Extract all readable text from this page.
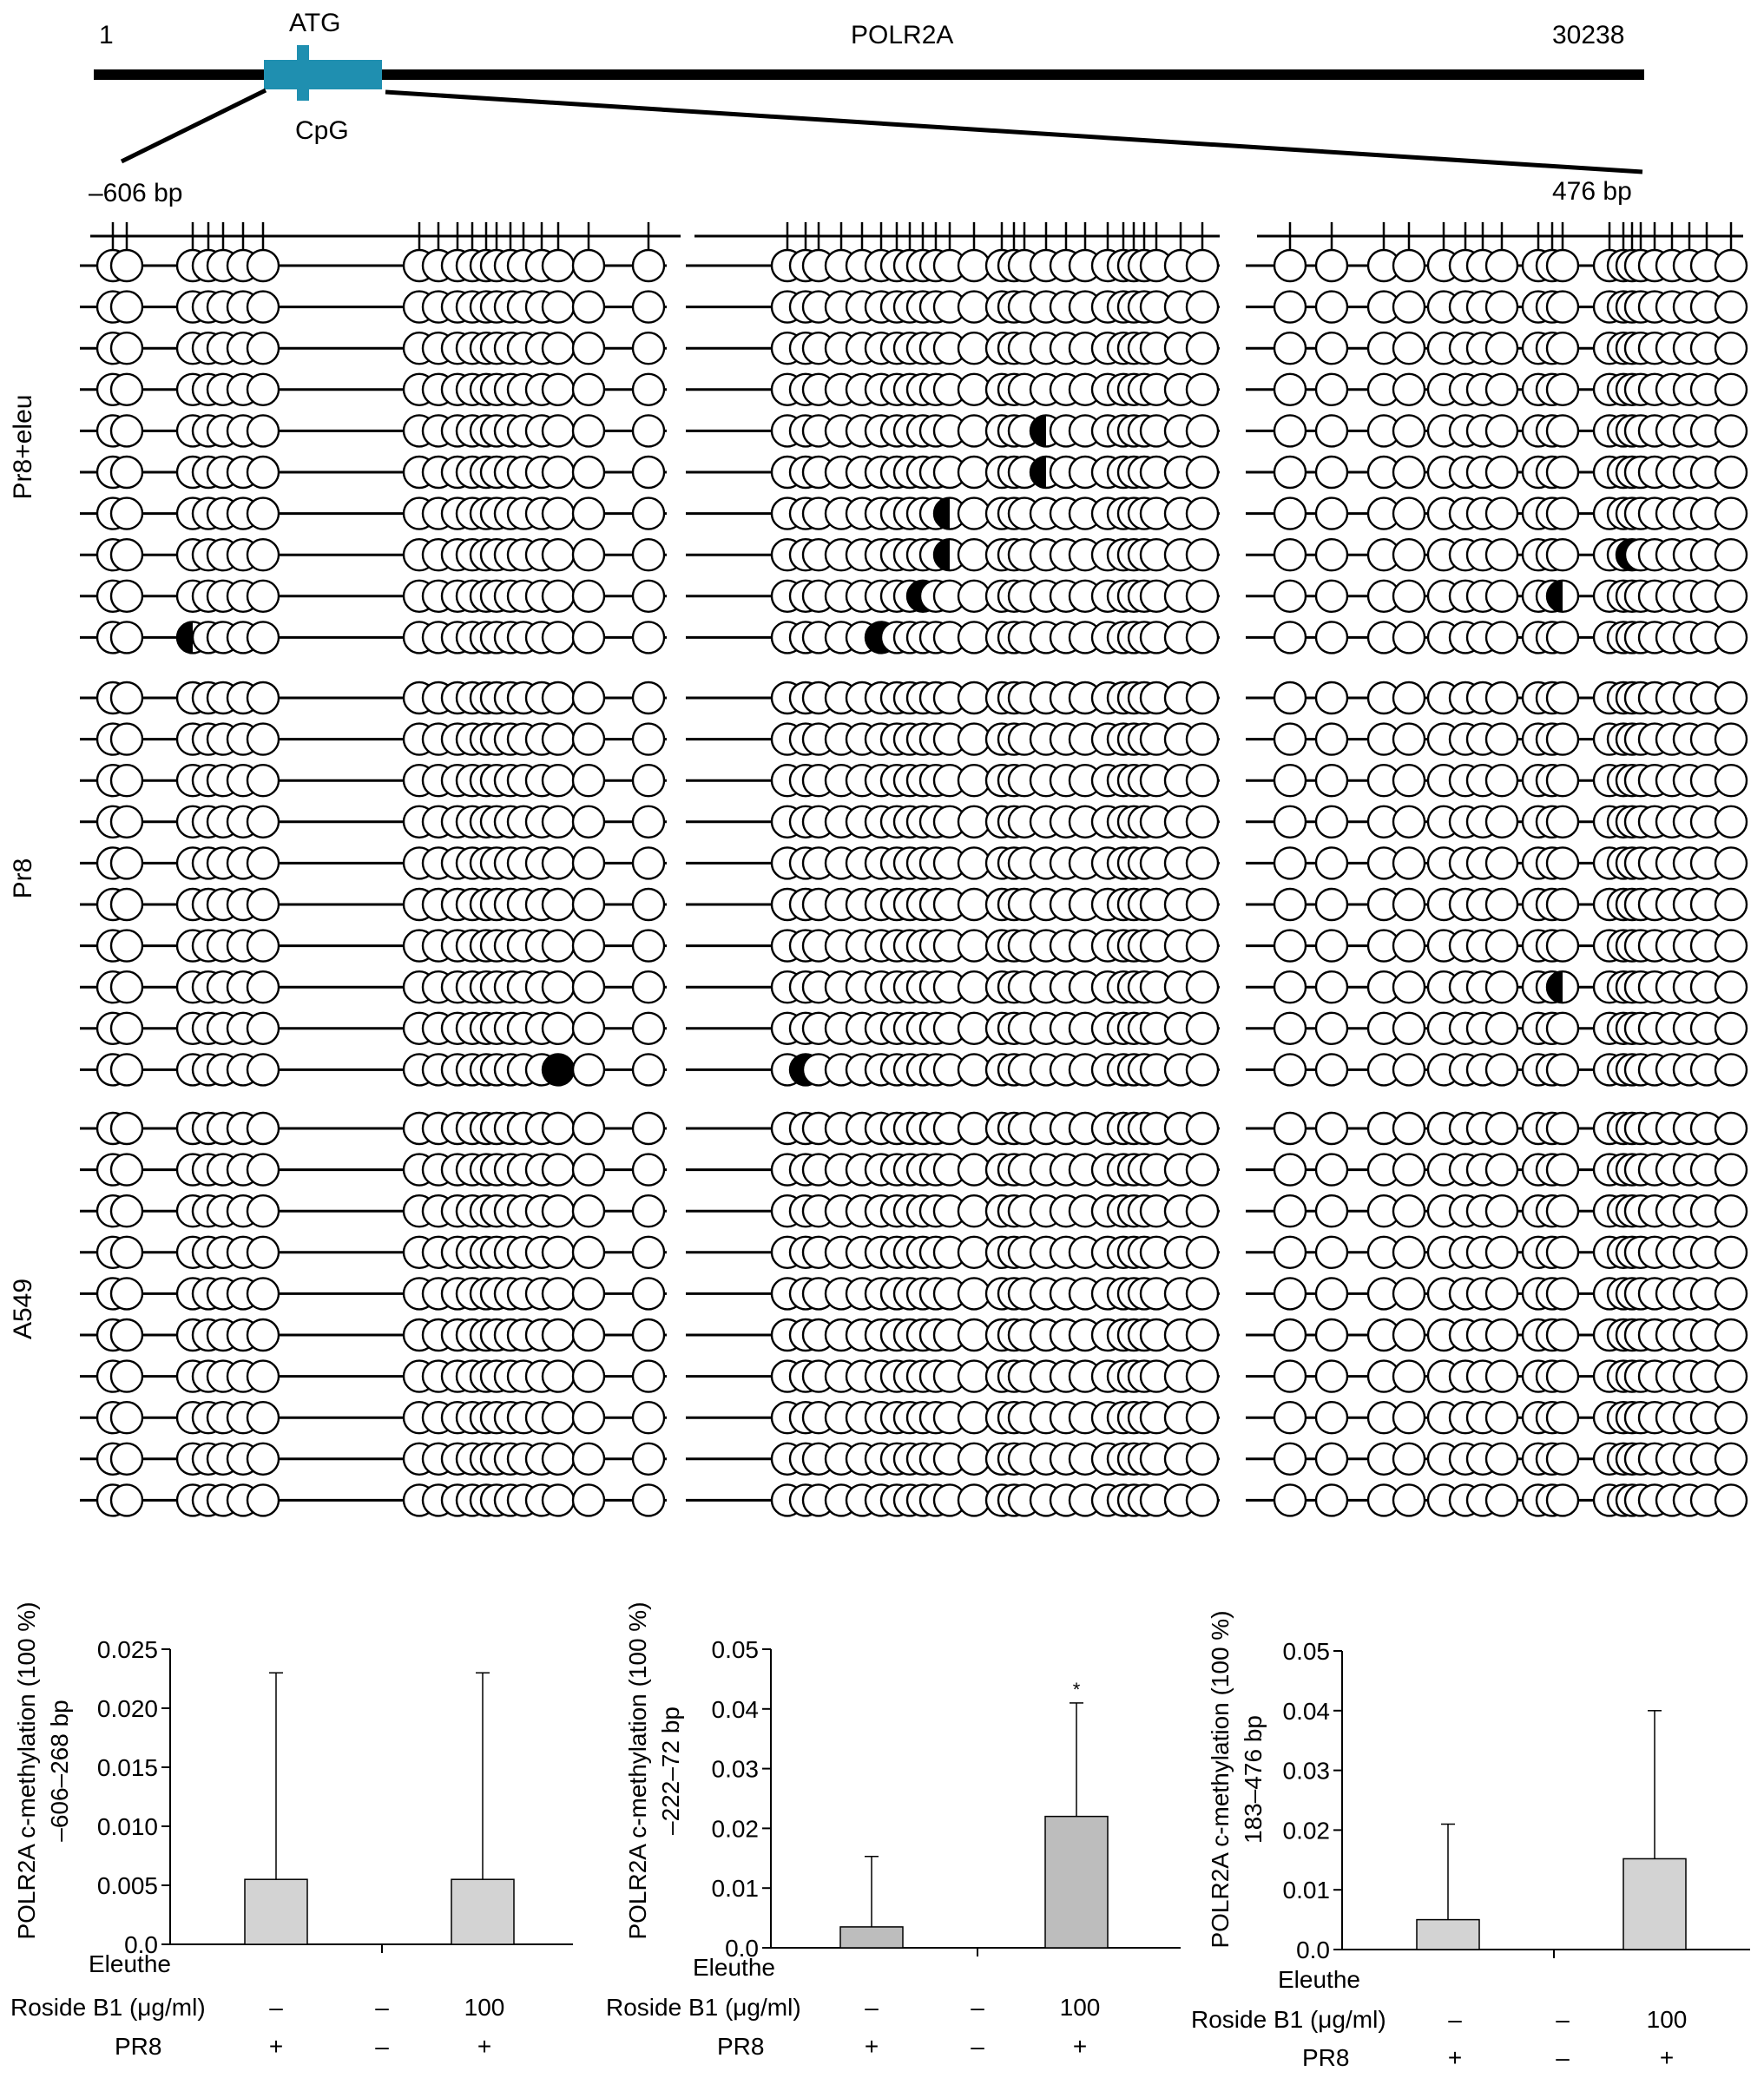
1	POLR2A	30238
ATG
CpG
–606 bp	476 bp
Pr8+eleu
Pr8
A549
0.025
0.020
0.015
0.010
0.005
0.0
POLR2A c-methylation (100 %) –606–268 bp
Eleuthe
Roside B1 (μg/ml)	–	–	100
PR8	+	–	+
0.05
0.04
0.03
0.02
0.01
0.0
POLR2A c-methylation (100 %) –222–72 bp
*
Eleuthe
Roside B1 (μg/ml)	–	–	100
PR8	+	–	+
0.05
0.04
0.03
0.02
0.01
0.0
POLR2A c-methylation (100 %) 183–476 bp
Eleuthe
Roside B1 (μg/ml)	–	–	100
PR8	+	–	+
